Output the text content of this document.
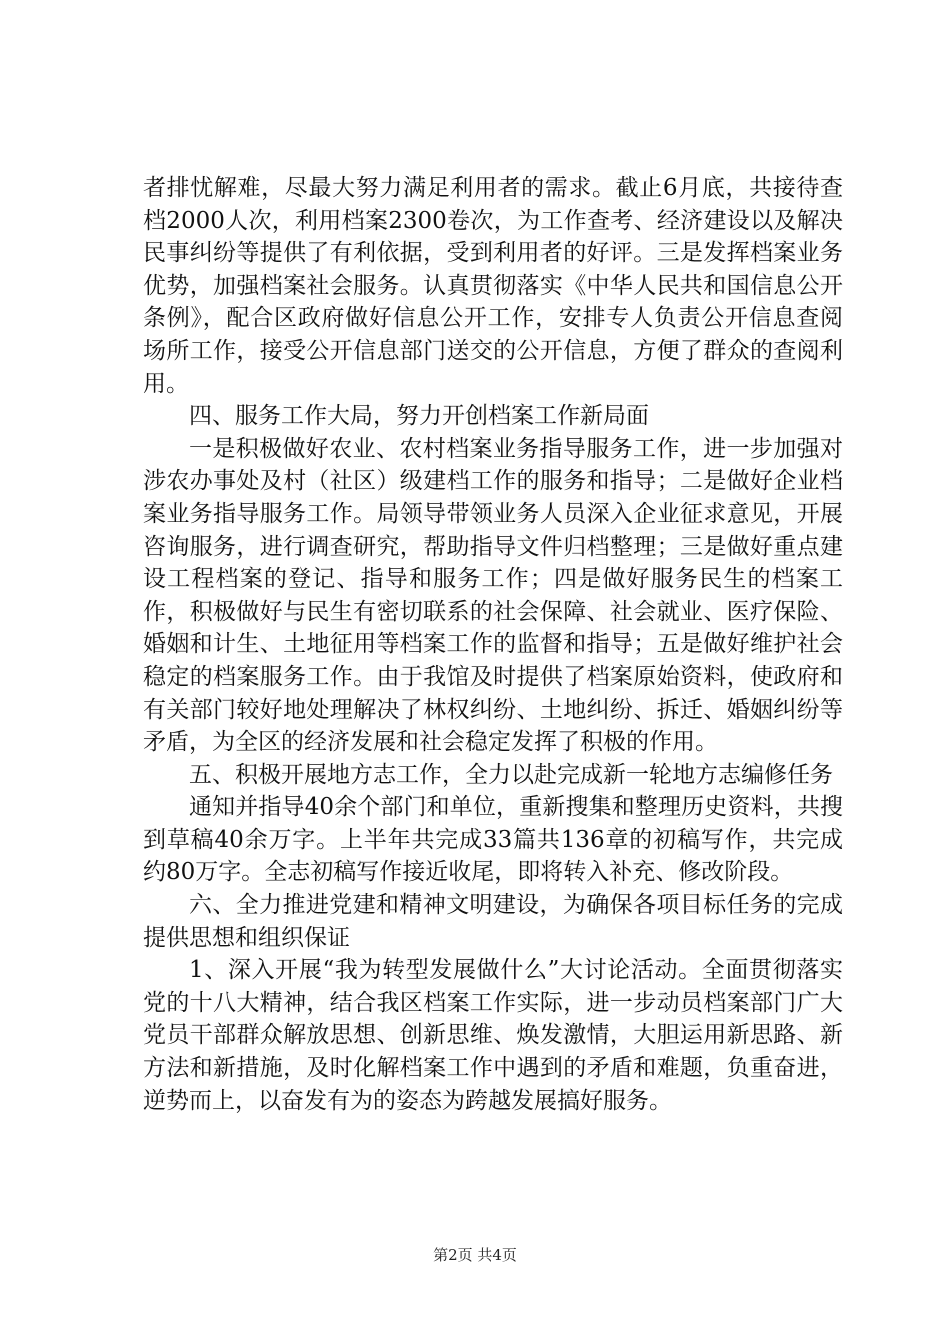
者排忧解难，尽最大努力满足利用者的需求。截止6月底，共接待查档2000人次，利用档案2300卷次，为工作查考、经济建设以及解决民事纠纷等提供了有利依据，受到利用者的好评。三是发挥档案业务优势，加强档案社会服务。认真贯彻落实《中华人民共和国信息公开条例》，配合区政府做好信息公开工作，安排专人负责公开信息查阅场所工作，接受公开信息部门送交的公开信息，方便了群众的查阅利用。

四、服务工作大局，努力开创档案工作新局面

一是积极做好农业、农村档案业务指导服务工作，进一步加强对涉农办事处及村（社区）级建档工作的服务和指导；二是做好企业档案业务指导服务工作。局领导带领业务人员深入企业征求意见，开展咨询服务，进行调查研究，帮助指导文件归档整理；三是做好重点建设工程档案的登记、指导和服务工作；四是做好服务民生的档案工作，积极做好与民生有密切联系的社会保障、社会就业、医疗保险、婚姻和计生、土地征用等档案工作的监督和指导；五是做好维护社会稳定的档案服务工作。由于我馆及时提供了档案原始资料，使政府和有关部门较好地处理解决了林权纠纷、土地纠纷、拆迁、婚姻纠纷等矛盾，为全区的经济发展和社会稳定发挥了积极的作用。

五、积极开展地方志工作，全力以赴完成新一轮地方志编修任务

通知并指导40余个部门和单位，重新搜集和整理历史资料，共搜到草稿40余万字。上半年共完成33篇共136章的初稿写作，共完成约80万字。全志初稿写作接近收尾，即将转入补充、修改阶段。

六、全力推进党建和精神文明建设，为确保各项目标任务的完成提供思想和组织保证

1、深入开展“我为转型发展做什么”大讨论活动。全面贯彻落实党的十八大精神，结合我区档案工作实际，进一步动员档案部门广大党员干部群众解放思想、创新思维、焕发激情，大胆运用新思路、新方法和新措施，及时化解档案工作中遇到的矛盾和难题，负重奋进，逆势而上，以奋发有为的姿态为跨越发展搞好服务。

第2页 共4页
